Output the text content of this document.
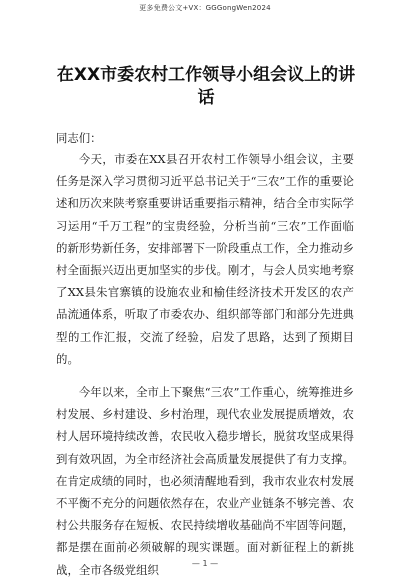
更多免费公文+VX：GGGongWen2024
在XX市委农村工作领导小组会议上的讲话

同志们：

今天，市委在XX县召开农村工作领导小组会议，主要任务是深入学习贯彻习近平总书记关于“三农”工作的重要论述和历次来陕考察重要讲话重要指示精神，结合全市实际学习运用“千万工程”的宝贵经验，分析当前“三农”工作面临的新形势新任务，安排部署下一阶段重点工作，全力推动乡村全面振兴迈出更加坚实的步伐。刚才，与会人员实地考察了XX县朱官寨镇的设施农业和榆佳经济技术开发区的农产品流通体系，听取了市委农办、组织部等部门和部分先进典型的工作汇报，交流了经验，启发了思路，达到了预期目的。

今年以来，全市上下聚焦“三农”工作重心，统筹推进乡村发展、乡村建设、乡村治理，现代农业发展提质增效，农村人居环境持续改善，农民收入稳步增长，脱贫攻坚成果得到有效巩固，为全市经济社会高质量发展提供了有力支撑。在肯定成绩的同时，也必须清醒地看到，我市农业农村发展不平衡不充分的问题依然存在，农业产业链条不够完善、农村公共服务存在短板、农民持续增收基础尚不牢固等问题，都是摆在面前必须破解的现实课题。面对新征程上的新挑战，全市各级党组织	— 1 —
